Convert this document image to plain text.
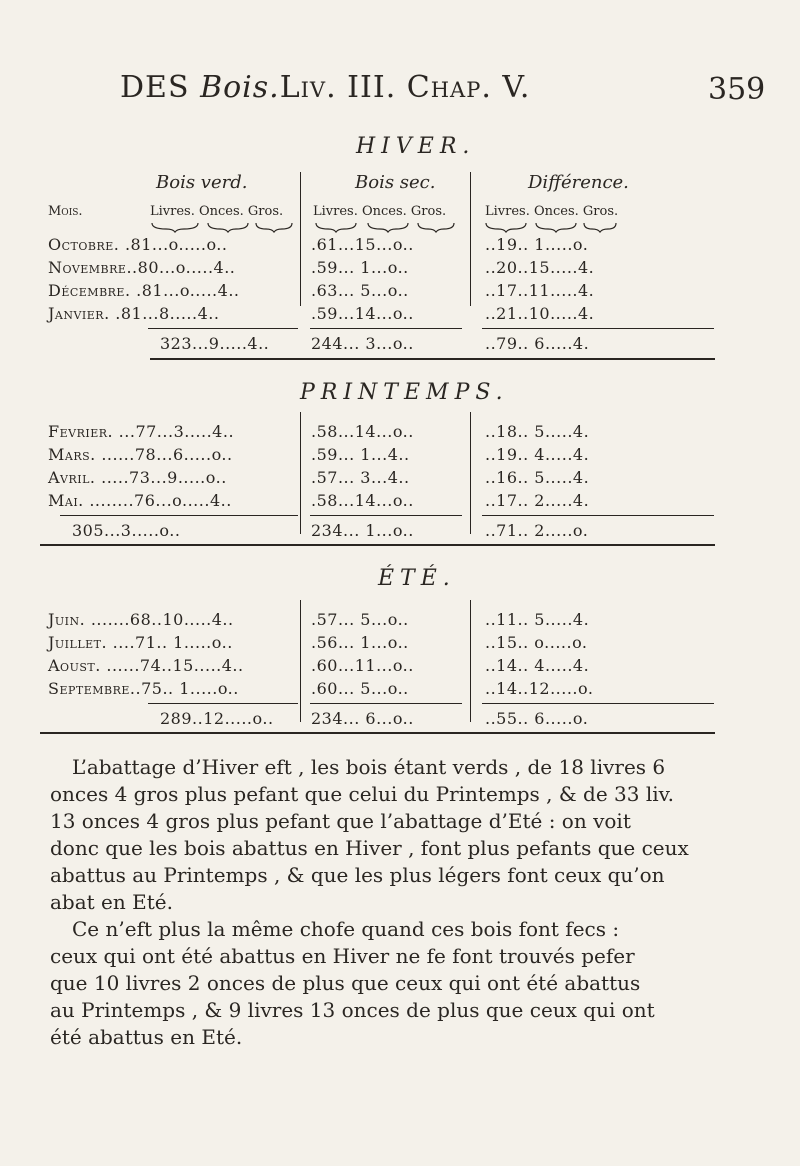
DES Bois.Liv. III. Chap. V.	359
HIVER.
PRINTEMPS.
ÉTÉ.
Bois verd.	Bois sec.	Différence.
Mois.	Livres. Onces. Gros. Livres. Onces. Gros.	Livres. Onces. Gros.
Octobre. .81...o.....o..	.61...15...o..	..19.. 1.....o.
Novembre..80...o.....4..	.59... 1...o..	..20..15.....4.
Décembre. .81...o.....4..	.63... 5...o..	..17..11.....4.
Janvier. .81...8.....4..	.59...14...o..	..21..10.....4.
323...9.....4..	244... 3...o..	..79.. 6.....4.
Fevrier. ...77...3.....4..	.58...14...o..	..18.. 5.....4.
Mars. ......78...6.....o..	.59... 1...4..	..19.. 4.....4.
Avril. .....73...9.....o..	.57... 3...4..	..16.. 5.....4.
Mai. ........76...o.....4..	.58...14...o..	..17.. 2.....4.
305...3.....o..	234... 1...o..	..71.. 2.....o.
Juin. .......68..10.....4..	.57... 5...o..	..11.. 5.....4.
Juillet. ....71.. 1.....o..	.56... 1...o..	..15.. o.....o.
Aoust. ......74..15.....4..	.60...11...o..	..14.. 4.....4.
Septembre..75.. 1.....o..	.60... 5...o..	..14..12.....o.
289..12.....o.. 234... 6...o..	..55.. 6.....o.
L’abattage d’Hiver eft , les bois étant verds , de 18 livres 6
onces 4 gros plus pefant que celui du Printemps , & de 33 liv.
13 onces 4 gros plus pefant que l’abattage d’Eté : on voit
donc que les bois abattus en Hiver , font plus pefants que ceux
abattus au Printemps , & que les plus légers font ceux qu’on
abat en Eté.
Ce n’eft plus la même chofe quand ces bois font fecs :
ceux qui ont été abattus en Hiver ne fe font trouvés pefer
que 10 livres 2 onces de plus que ceux qui ont été abattus
au Printemps , & 9 livres 13 onces de plus que ceux qui ont
été abattus en Eté.
